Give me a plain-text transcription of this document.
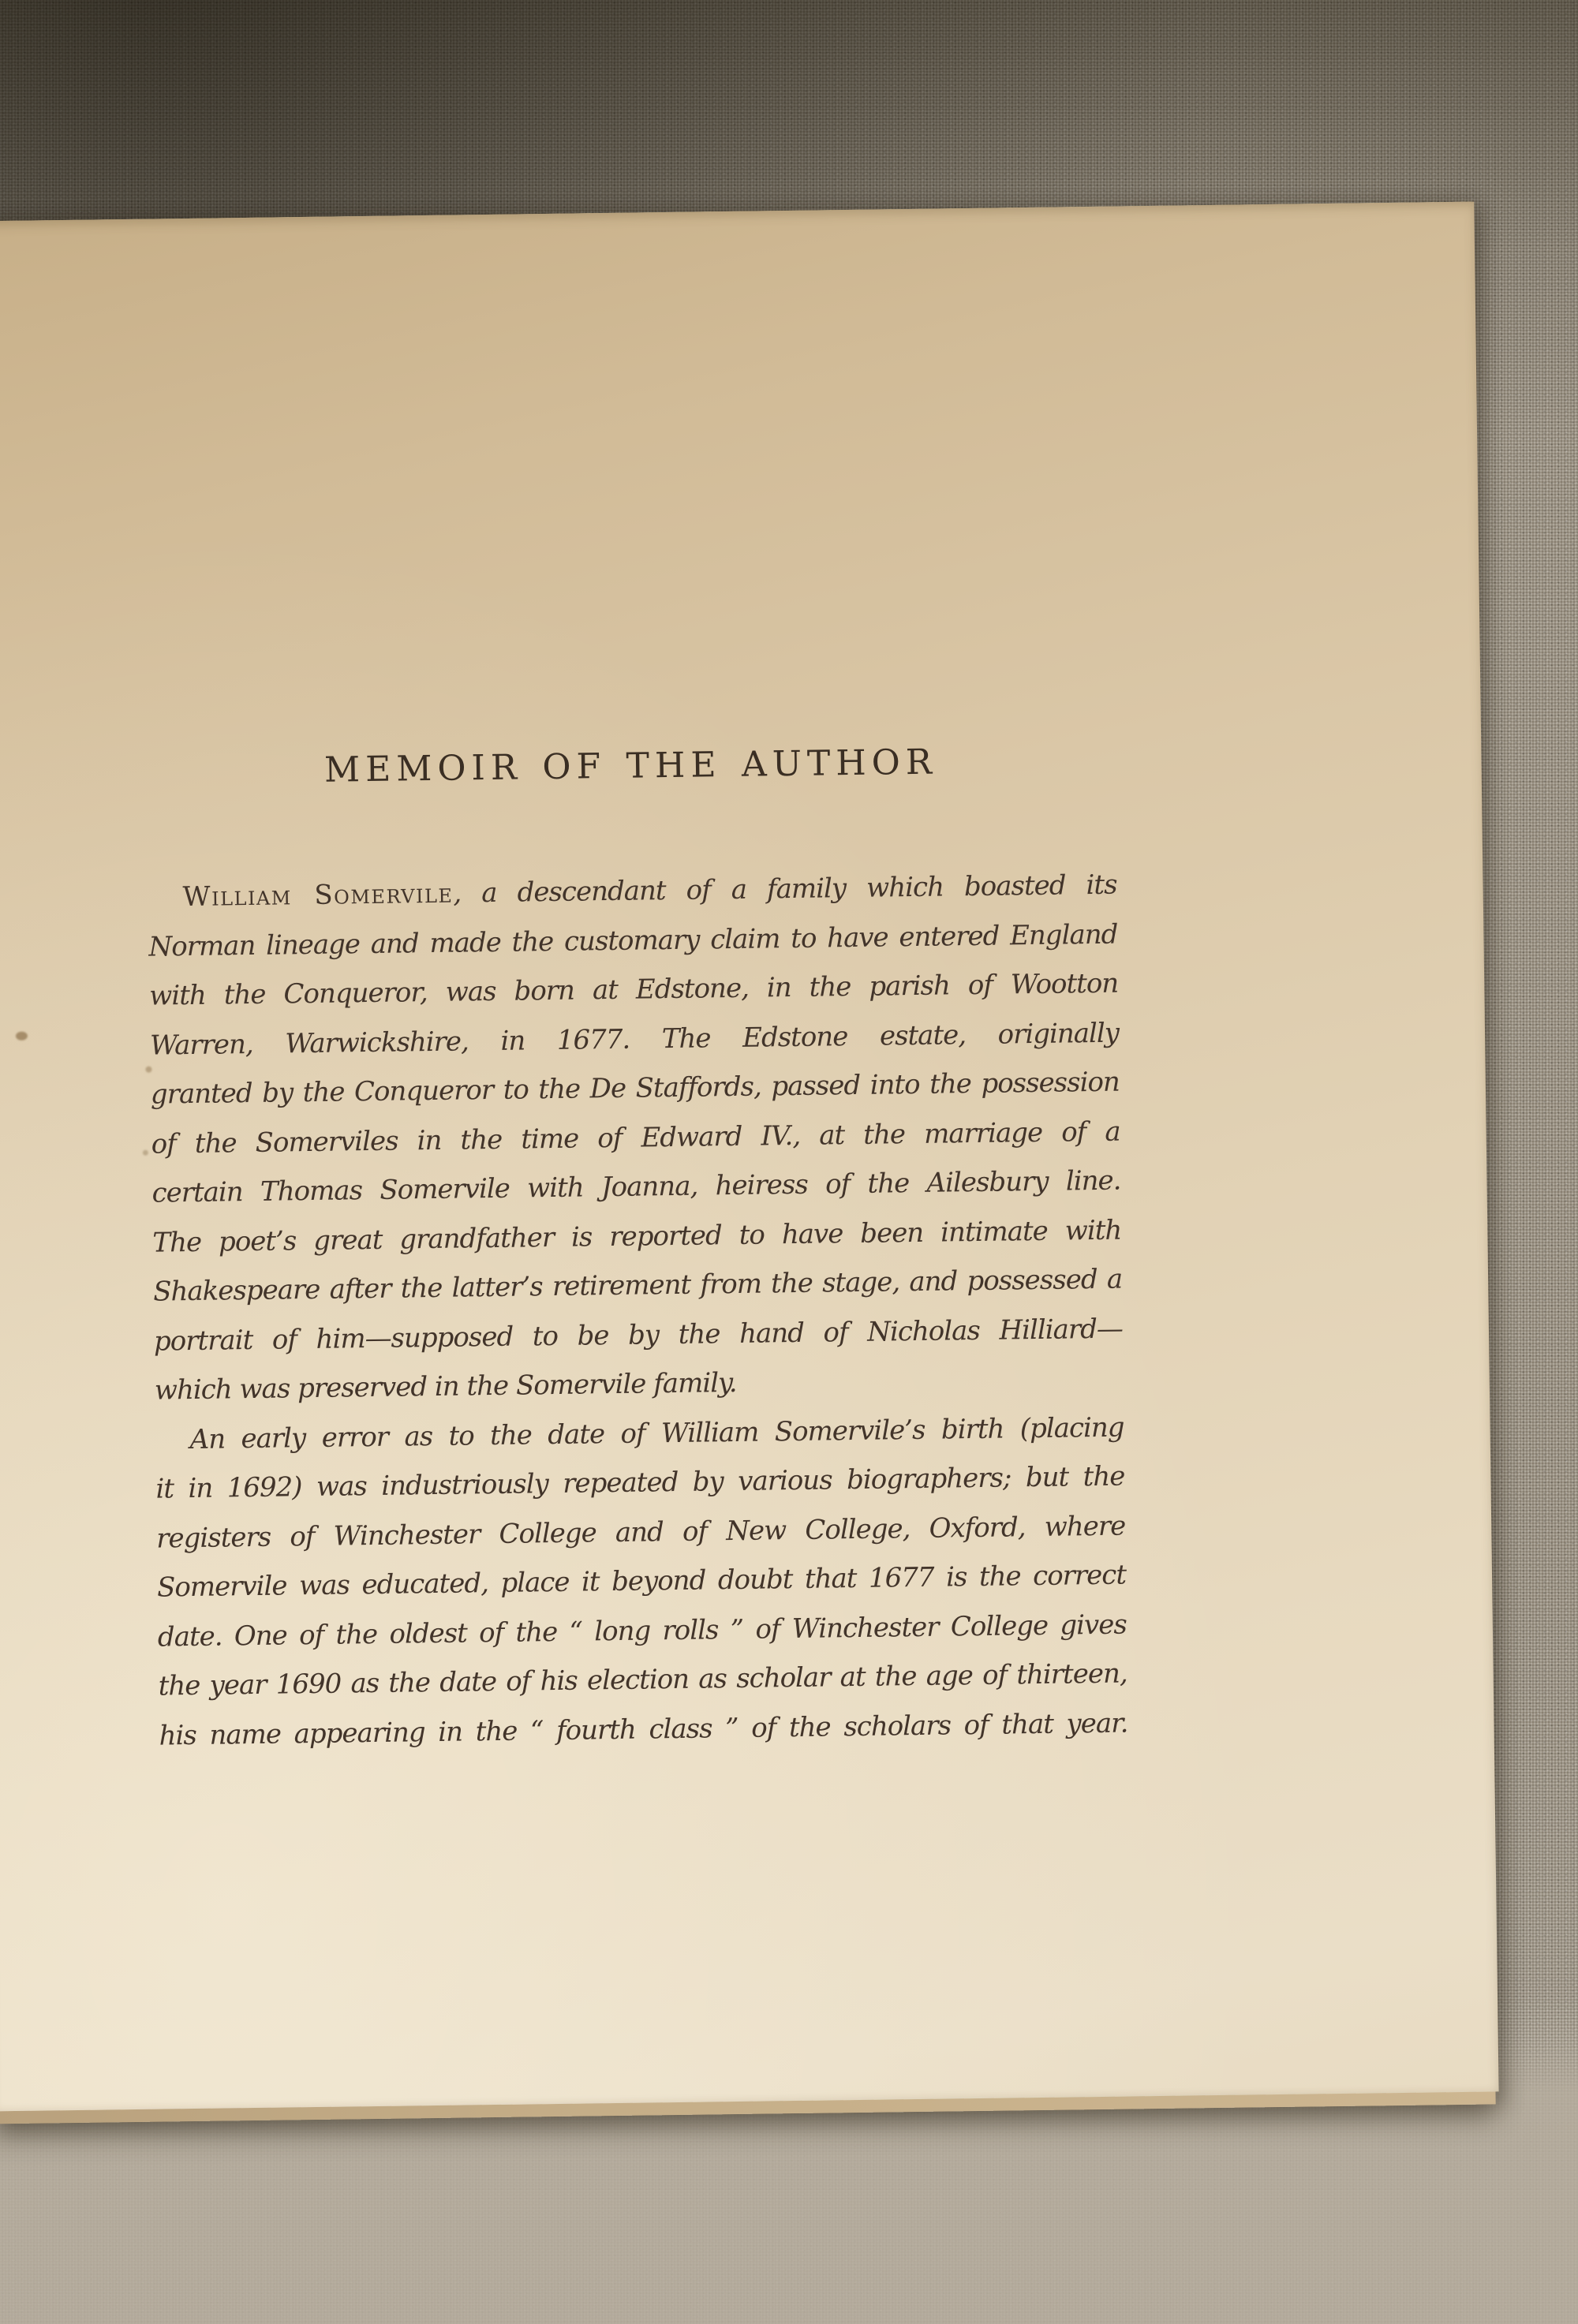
MEMOIR OF THE AUTHOR
William Somervile, a descendant of a family which boasted its
Norman lineage and made the customary claim to have entered England
with the Conqueror, was born at Edstone, in the parish of Wootton
Warren, Warwickshire, in 1677. The Edstone estate, originally
granted by the Conqueror to the De Staffords, passed into the possession
of the Somerviles in the time of Edward IV., at the marriage of a
certain Thomas Somervile with Joanna, heiress of the Ailesbury line.
The poet’s great grandfather is reported to have been intimate with
Shakespeare after the latter’s retirement from the stage, and possessed a
portrait of him—supposed to be by the hand of Nicholas Hilliard—
which was preserved in the Somervile family.
An early error as to the date of William Somervile’s birth (placing
it in 1692) was industriously repeated by various biographers; but the
registers of Winchester College and of New College, Oxford, where
Somervile was educated, place it beyond doubt that 1677 is the correct
date. One of the oldest of the “ long rolls ” of Winchester College gives
the year 1690 as the date of his election as scholar at the age of thirteen,
his name appearing in the “ fourth class ” of the scholars of that year.
